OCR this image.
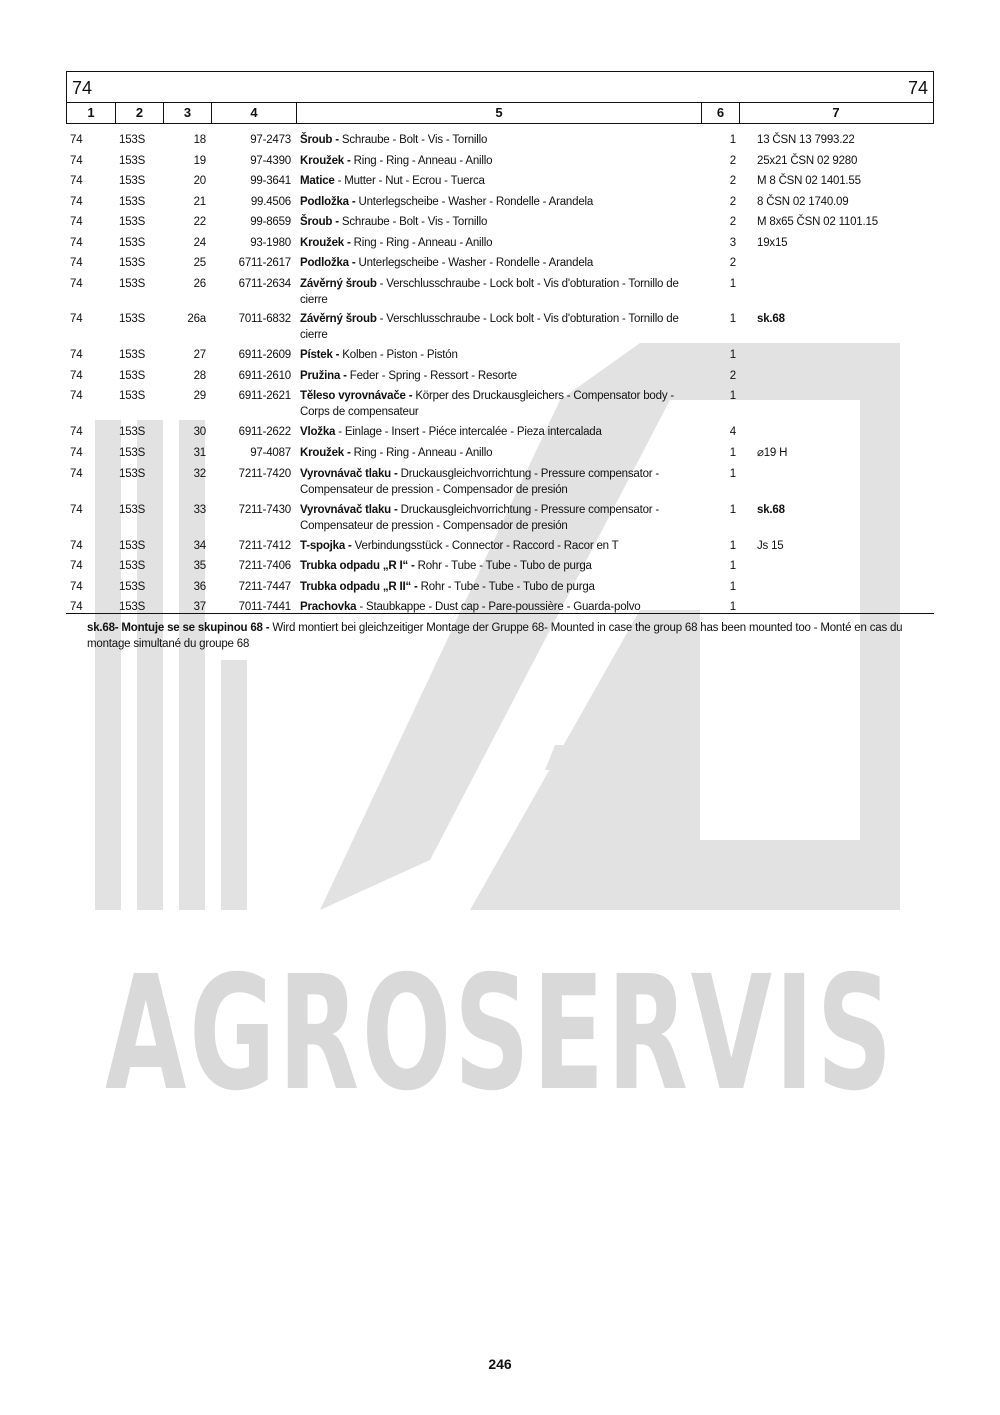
AGROSERVIS
74	74
1	2	3	4	5	6	7
74	153S	18	97-2473 Šroub - Schraube - Bolt - Vis - Tornillo	1 13 ČSN 13 7993.22
74	153S	19	97-4390 Kroužek - Ring - Ring - Anneau - Anillo	2 25x21 ČSN 02 9280
74	153S	20	99-3641 Matice - Mutter - Nut - Ecrou - Tuerca	2 M 8 ČSN 02 1401.55
74	153S	21	99.4506 Podložka - Unterlegscheibe - Washer - Rondelle - Arandela	2 8 ČSN 02 1740.09
74	153S	22	99-8659 Šroub - Schraube - Bolt - Vis - Tornillo	2 M 8x65 ČSN 02 1101.15
74	153S	24	93-1980 Kroužek - Ring - Ring - Anneau - Anillo	3 19x15
74	153S	25	6711-2617 Podložka - Unterlegscheibe - Washer - Rondelle - Arandela	2
74	153S	26	6711-2634 Závěrný šroub - Verschlusschraube - Lock bolt - Vis d'obturation - Tornillo de cierre
1
74	153S	26a	7011-6832 Závěrný šroub - Verschlusschraube - Lock bolt - Vis d'obturation - Tornillo de cierre
1 sk.68
74	153S	27	6911-2609 Pístek - Kolben - Piston - Pistón	1
74	153S	28	6911-2610 Pružina - Feder - Spring - Ressort - Resorte	2
74	153S	29	6911-2621 Těleso vyrovnávače - Körper des Druckausgleichers - Compensator body - Corps de compensateur
1
74	153S	30	6911-2622 Vložka - Einlage - Insert - Piéce intercalée - Pieza intercalada	4
74	153S	31	97-4087 Kroužek - Ring - Ring - Anneau - Anillo	1 ⌀19 H
74	153S	32	7211-7420 Vyrovnávač tlaku - Druckausgleichvorrichtung - Pressure compensator - Compensateur de pression - Compensador de presión
1
74	153S	33	7211-7430 Vyrovnávač tlaku - Druckausgleichvorrichtung - Pressure compensator - Compensateur de pression - Compensador de presión
1 sk.68
74	153S	34	7211-7412 T-spojka - Verbindungsstück - Connector - Raccord - Racor en T	1 Js 15
74	153S	35	7211-7406 Trubka odpadu „R I“ - Rohr - Tube - Tube - Tubo de purga	1
74	153S	36	7211-7447 Trubka odpadu „R II“ - Rohr - Tube - Tube - Tubo de purga	1
74	153S	37	7011-7441 Prachovka - Staubkappe - Dust cap - Pare-poussière - Guarda-polvo	1
sk.68- Montuje se se skupinou 68 - Wird montiert bei gleichzeitiger Montage der Gruppe 68- Mounted in case the group 68 has been mounted too - Monté en cas du montage simultané du groupe 68
246
